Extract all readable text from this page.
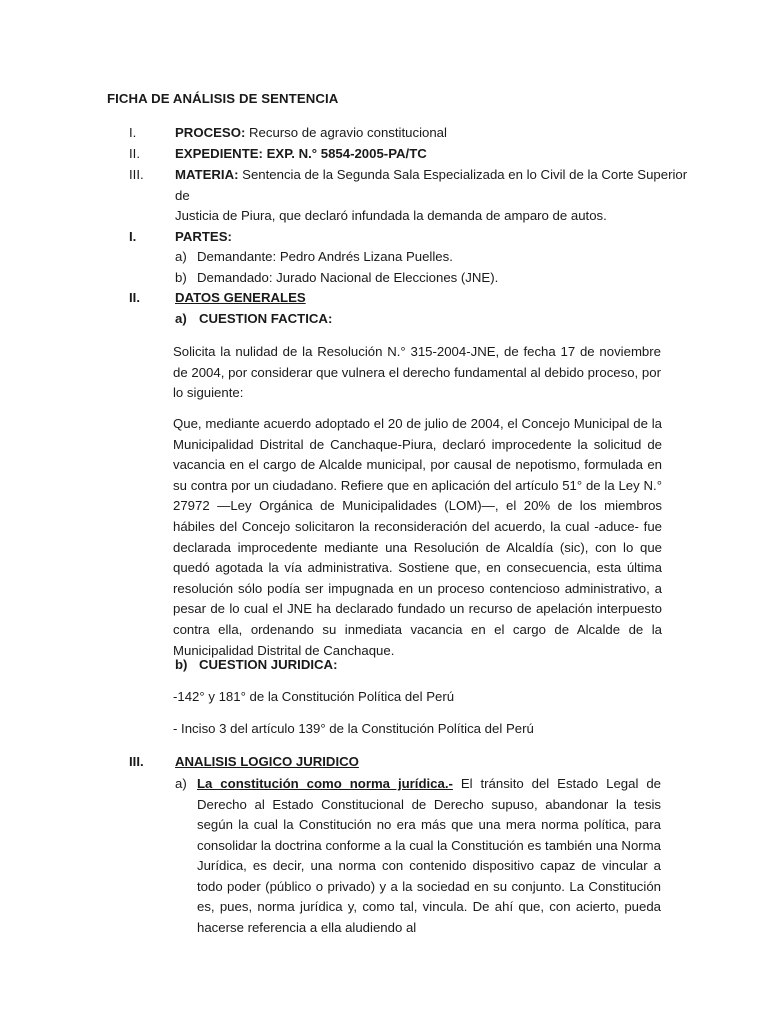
FICHA DE ANÁLISIS DE SENTENCIA
I.	PROCESO: Recurso de agravio constitucional
II.	EXPEDIENTE: EXP. N.° 5854-2005-PA/TC
III. MATERIA: Sentencia de la Segunda Sala Especializada en lo Civil de la Corte Superior
de
Justicia de Piura, que declaró infundada la demanda de amparo de autos.
I.	PARTES:
a) Demandante: Pedro Andrés Lizana Puelles.
b) Demandado: Jurado Nacional de Elecciones (JNE).
II.	DATOS GENERALES
a) CUESTION FACTICA:
Solicita la nulidad de la Resolución N.° 315-2004-JNE, de fecha 17 de noviembre de 2004, por considerar que vulnera el derecho fundamental al debido proceso, por lo siguiente:
Que, mediante acuerdo adoptado el 20 de julio de 2004, el Concejo Municipal de la Municipalidad Distrital de Canchaque-Piura, declaró improcedente la solicitud de vacancia en el cargo de Alcalde municipal, por causal de nepotismo, formulada en su contra por un ciudadano. Refiere que en aplicación del artículo 51° de la Ley N.° 27972 —Ley Orgánica de Municipalidades (LOM)—, el 20% de los miembros hábiles del Concejo solicitaron la reconsideración del acuerdo, la cual -aduce- fue declarada improcedente mediante una Resolución de Alcaldía (sic), con lo que quedó agotada la vía administrativa. Sostiene que, en consecuencia, esta última resolución sólo podía ser impugnada en un proceso contencioso administrativo, a pesar de lo cual el JNE ha declarado fundado un recurso de apelación interpuesto contra ella, ordenando su inmediata vacancia en el cargo de Alcalde de la Municipalidad Distrital de Canchaque.
b) CUESTION JURIDICA:
-142° y 181° de la Constitución Política del Perú
- Inciso 3 del artículo 139° de la Constitución Política del Perú
III. ANALISIS LOGICO JURIDICO
a) La constitución como norma jurídica.- El tránsito del Estado Legal de Derecho al Estado Constitucional de Derecho supuso, abandonar la tesis según la cual la Constitución no era más que una mera norma política, para consolidar la doctrina conforme a la cual la Constitución es también una Norma Jurídica, es decir, una norma con contenido dispositivo capaz de vincular a todo poder (público o privado) y a la sociedad en su conjunto. La Constitución es, pues, norma jurídica y, como tal, vincula. De ahí que, con acierto, pueda hacerse referencia a ella aludiendo al
